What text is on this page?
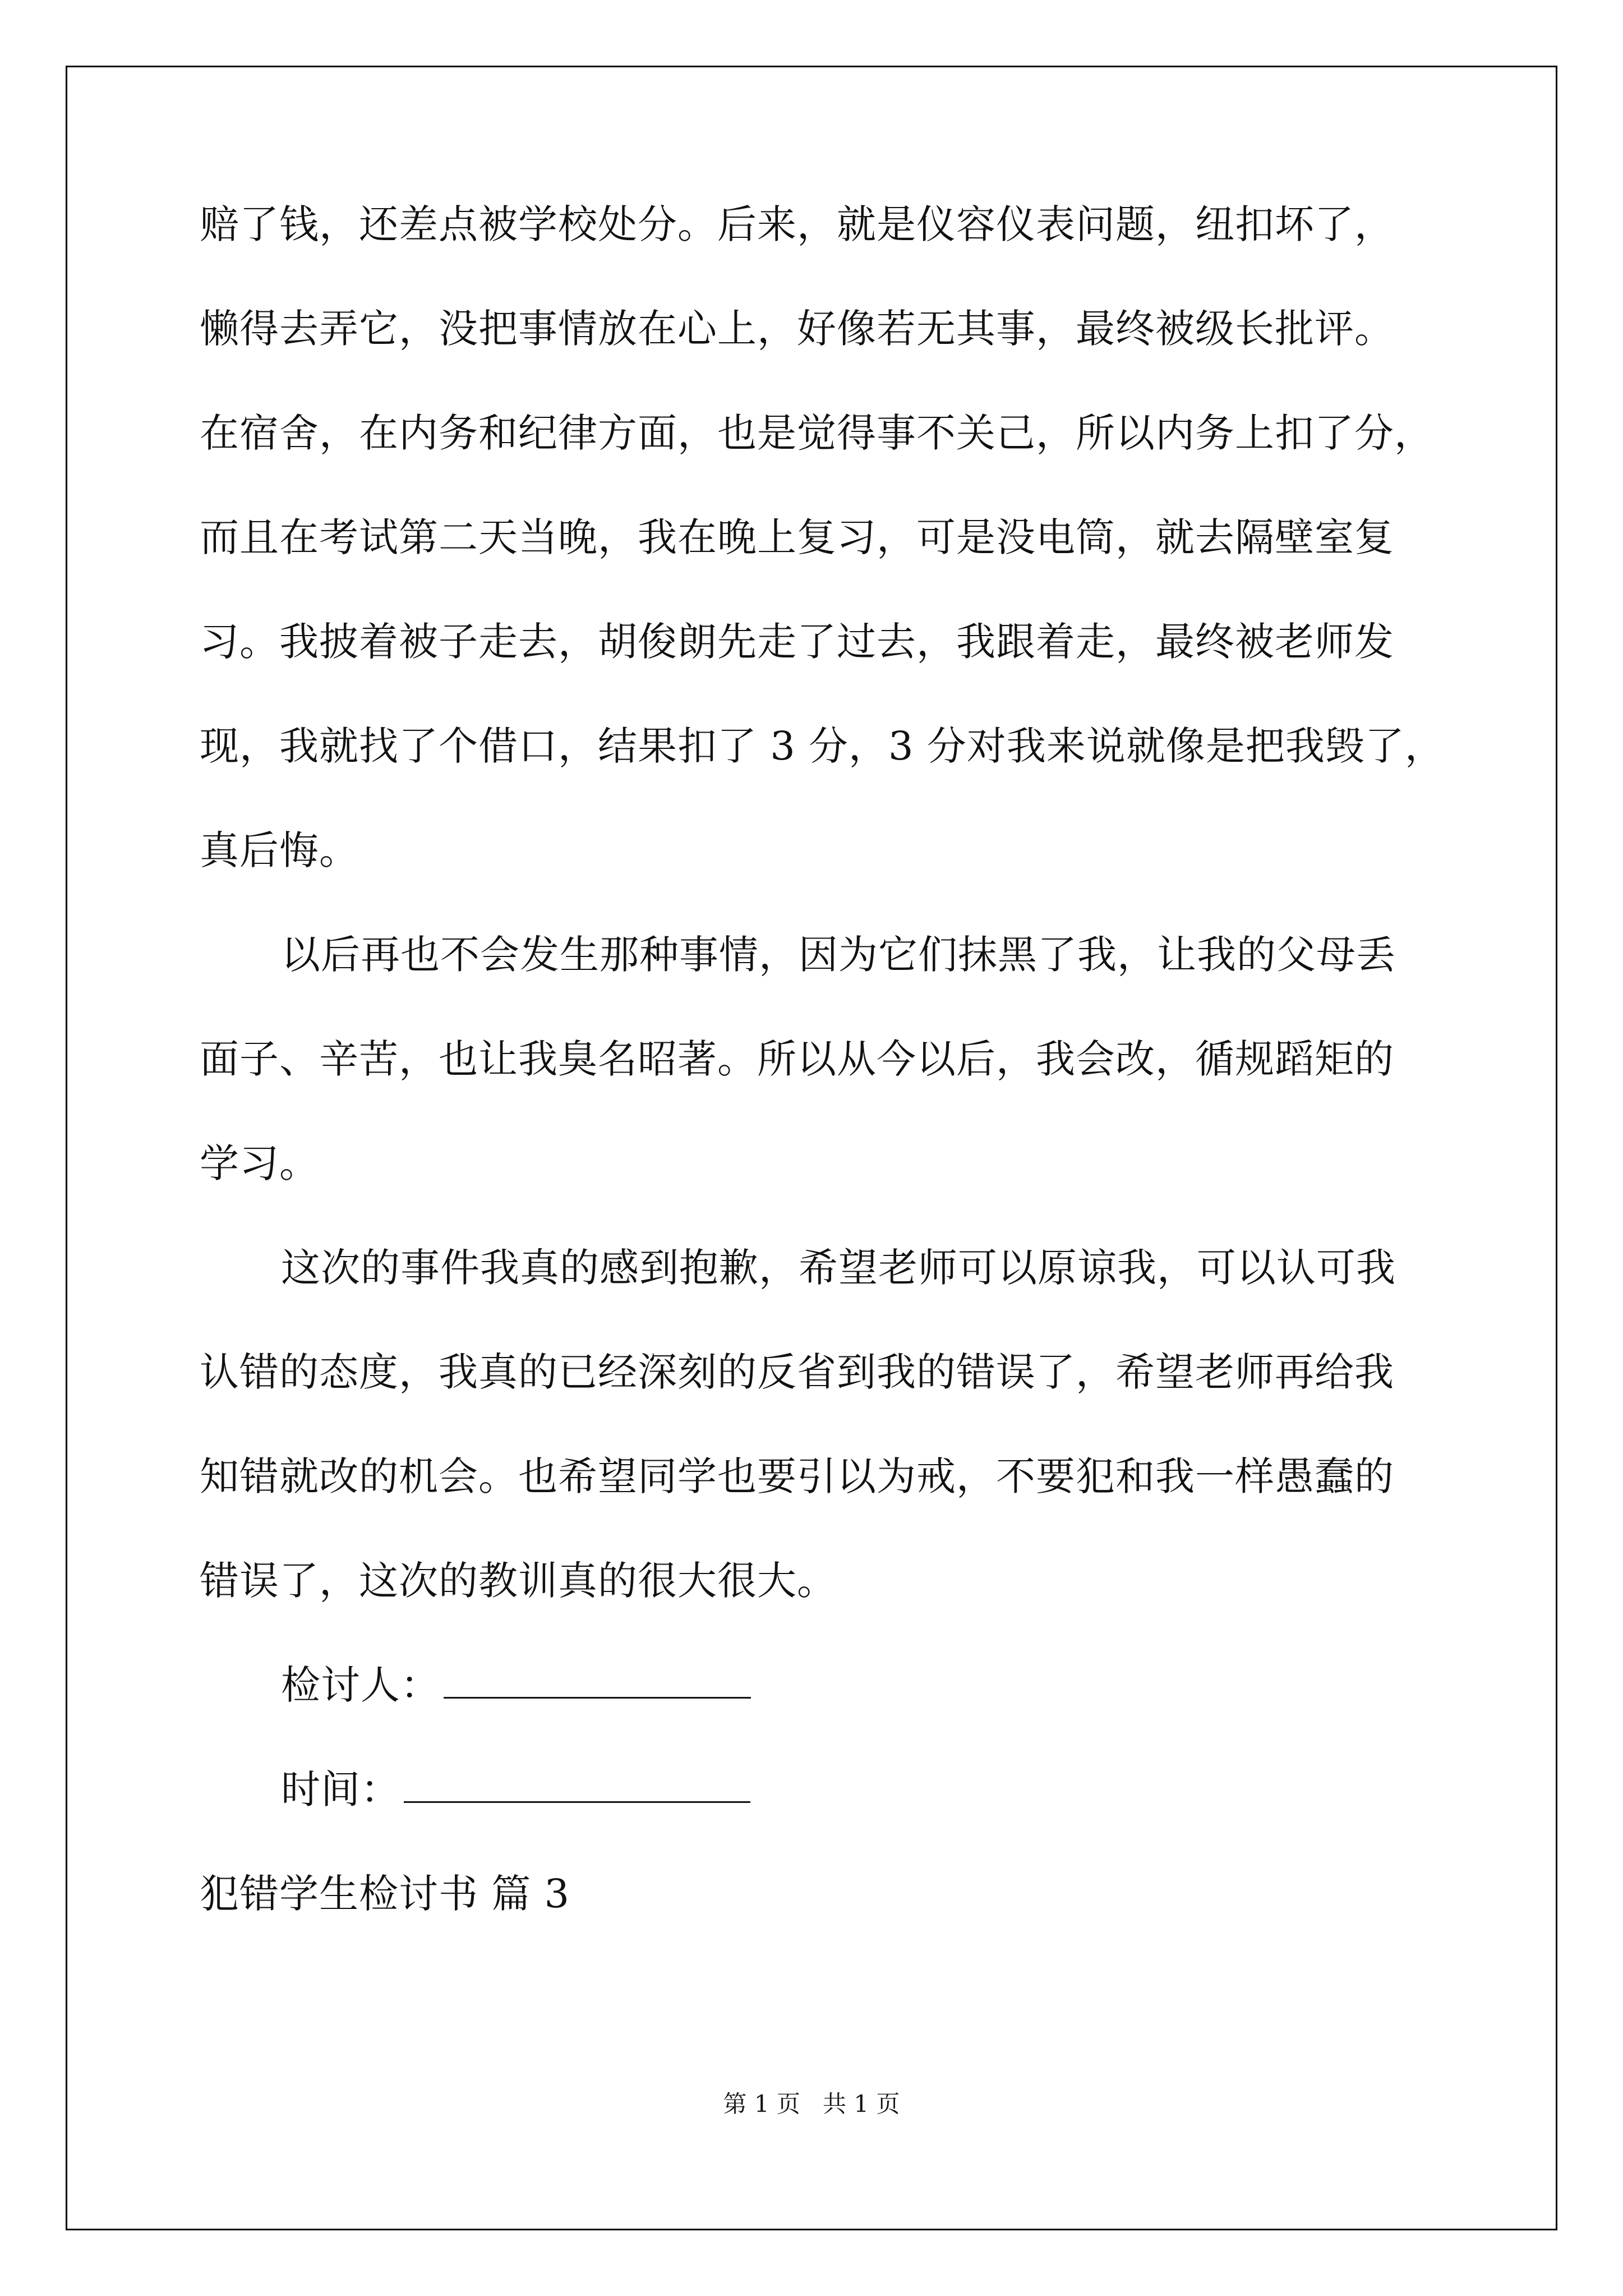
赔了钱，还差点被学校处分。后来，就是仪容仪表问题，纽扣坏了，
懒得去弄它，没把事情放在心上，好像若无其事，最终被级长批评。
在宿舍，在内务和纪律方面，也是觉得事不关己，所以内务上扣了分，
而且在考试第二天当晚，我在晚上复习，可是没电筒，就去隔壁室复
习。我披着被子走去，胡俊朗先走了过去，我跟着走，最终被老师发
现，我就找了个借口，结果扣了 3 分，3 分对我来说就像是把我毁了，
真后悔。
以后再也不会发生那种事情，因为它们抹黑了我，让我的父母丢
面子、辛苦，也让我臭名昭著。所以从今以后，我会改，循规蹈矩的
学习。
这次的事件我真的感到抱歉，希望老师可以原谅我，可以认可我
认错的态度，我真的已经深刻的反省到我的错误了，希望老师再给我
知错就改的机会。也希望同学也要引以为戒，不要犯和我一样愚蠢的
错误了，这次的教训真的很大很大。
检讨人：
时间：
犯错学生检讨书 篇 3
第 1 页   共 1 页
